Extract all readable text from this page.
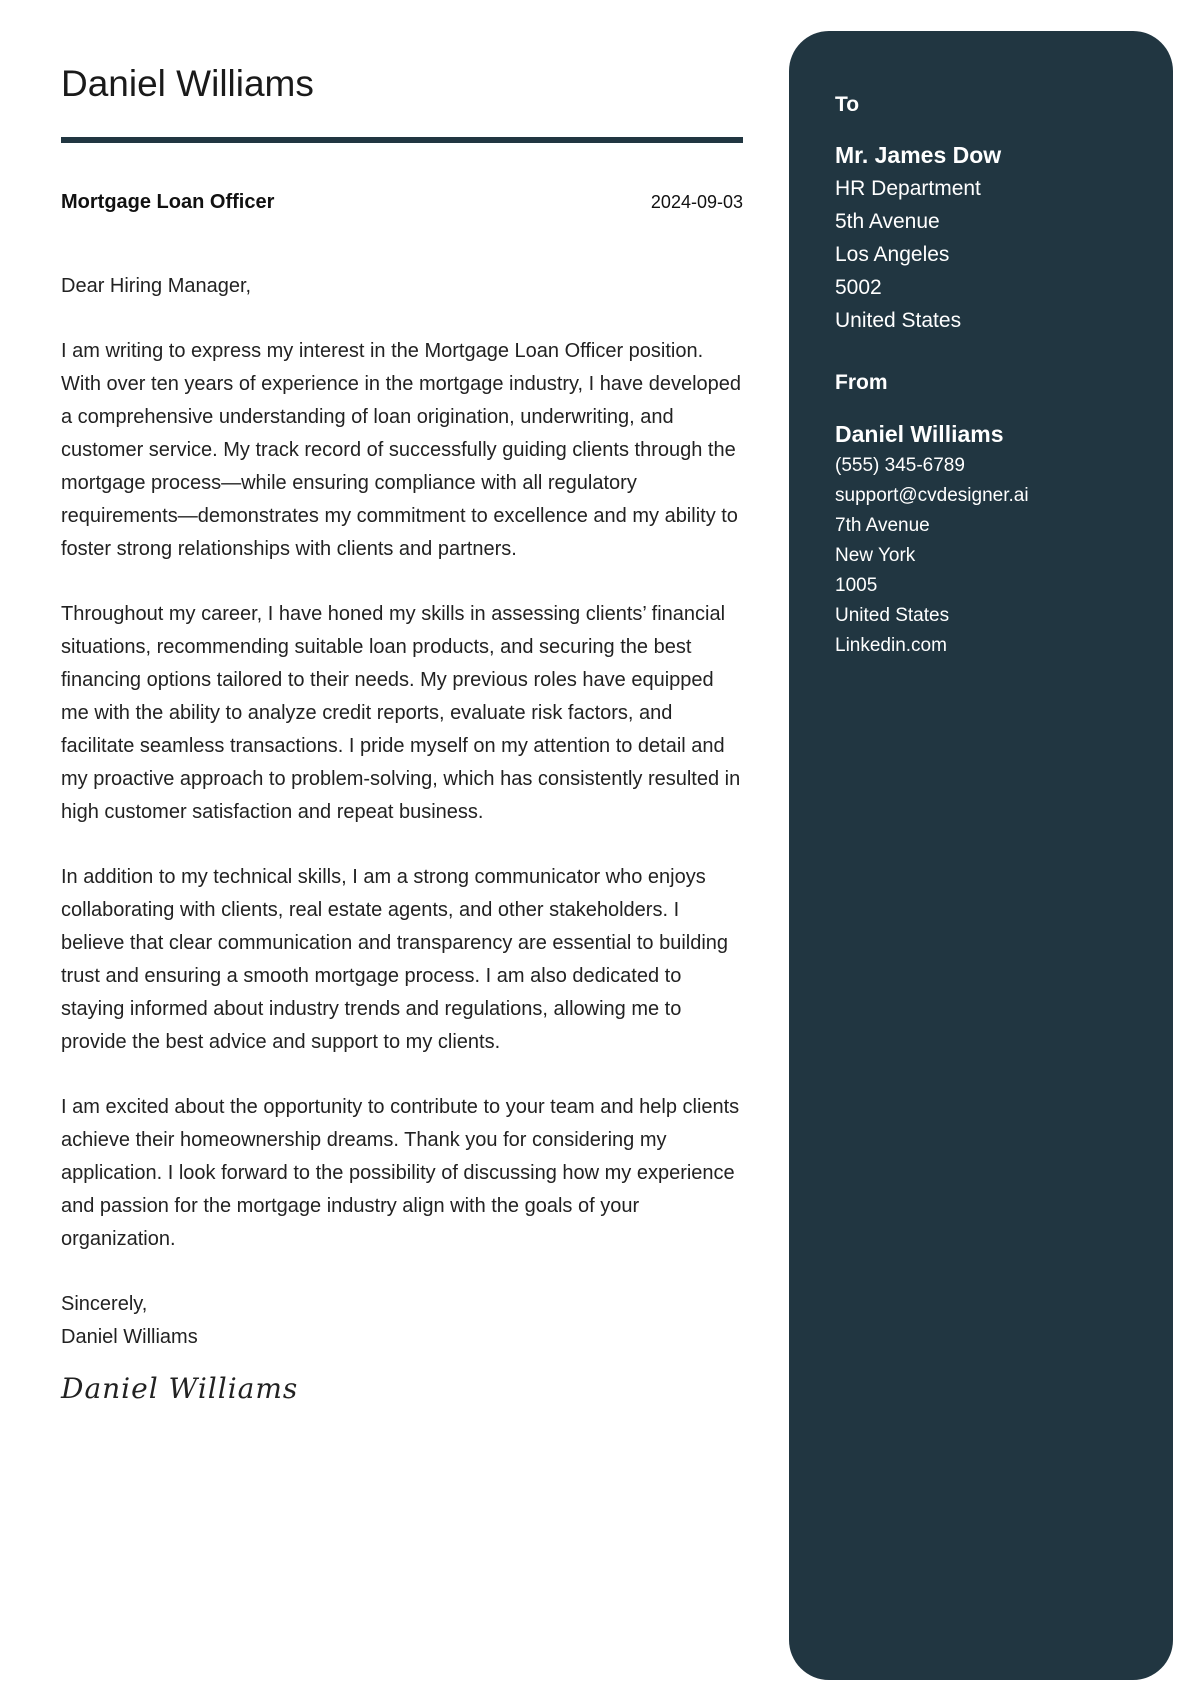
Daniel Williams
Mortgage Loan Officer	2024-09-03

Dear Hiring Manager,

I am writing to express my interest in the Mortgage Loan Officer position. With over ten years of experience in the mortgage industry, I have developed a comprehensive understanding of loan origination, underwriting, and customer service. My track record of successfully guiding clients through the mortgage process—while ensuring compliance with all regulatory requirements—demonstrates my commitment to excellence and my ability to foster strong relationships with clients and partners.

Throughout my career, I have honed my skills in assessing clients’ financial situations, recommending suitable loan products, and securing the best financing options tailored to their needs. My previous roles have equipped me with the ability to analyze credit reports, evaluate risk factors, and facilitate seamless transactions. I pride myself on my attention to detail and my proactive approach to problem-solving, which has consistently resulted in high customer satisfaction and repeat business.

In addition to my technical skills, I am a strong communicator who enjoys collaborating with clients, real estate agents, and other stakeholders. I believe that clear communication and transparency are essential to building trust and ensuring a smooth mortgage process. I am also dedicated to staying informed about industry trends and regulations, allowing me to provide the best advice and support to my clients.

I am excited about the opportunity to contribute to your team and help clients achieve their homeownership dreams. Thank you for considering my application. I look forward to the possibility of discussing how my experience and passion for the mortgage industry align with the goals of your organization.

Sincerely,
Daniel Williams
Daniel Williams
To
Mr. James Dow
HR Department
5th Avenue
Los Angeles
5002
United States
From
Daniel Williams
(555) 345-6789
support@cvdesigner.ai
7th Avenue
New York
1005
United States
Linkedin.com
